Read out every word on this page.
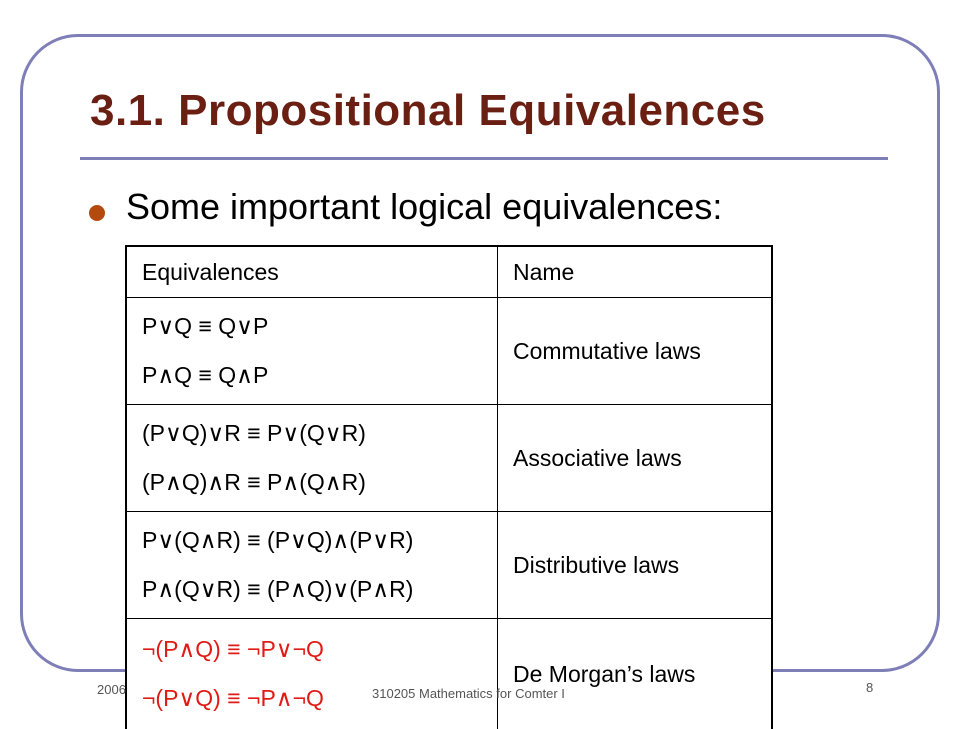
3.1. Propositional Equivalences

Some important logical equivalences:

Equivalences	Name

P∨Q ≡ Q∨P
P∧Q ≡ Q∧P	Commutative laws

(P∨Q)∨R ≡ P∨(Q∨R)
(P∧Q)∧R ≡ P∧(Q∧R)	Associative laws

P∨(Q∧R) ≡ (P∨Q)∧(P∨R)
P∧(Q∨R) ≡ (P∧Q)∨(P∧R)	Distributive laws

¬(P∧Q) ≡ ¬P∨¬Q
¬(P∨Q) ≡ ¬P∧¬Q	De Morgan’s laws
2006	310205 Mathematics for Comter I	8
